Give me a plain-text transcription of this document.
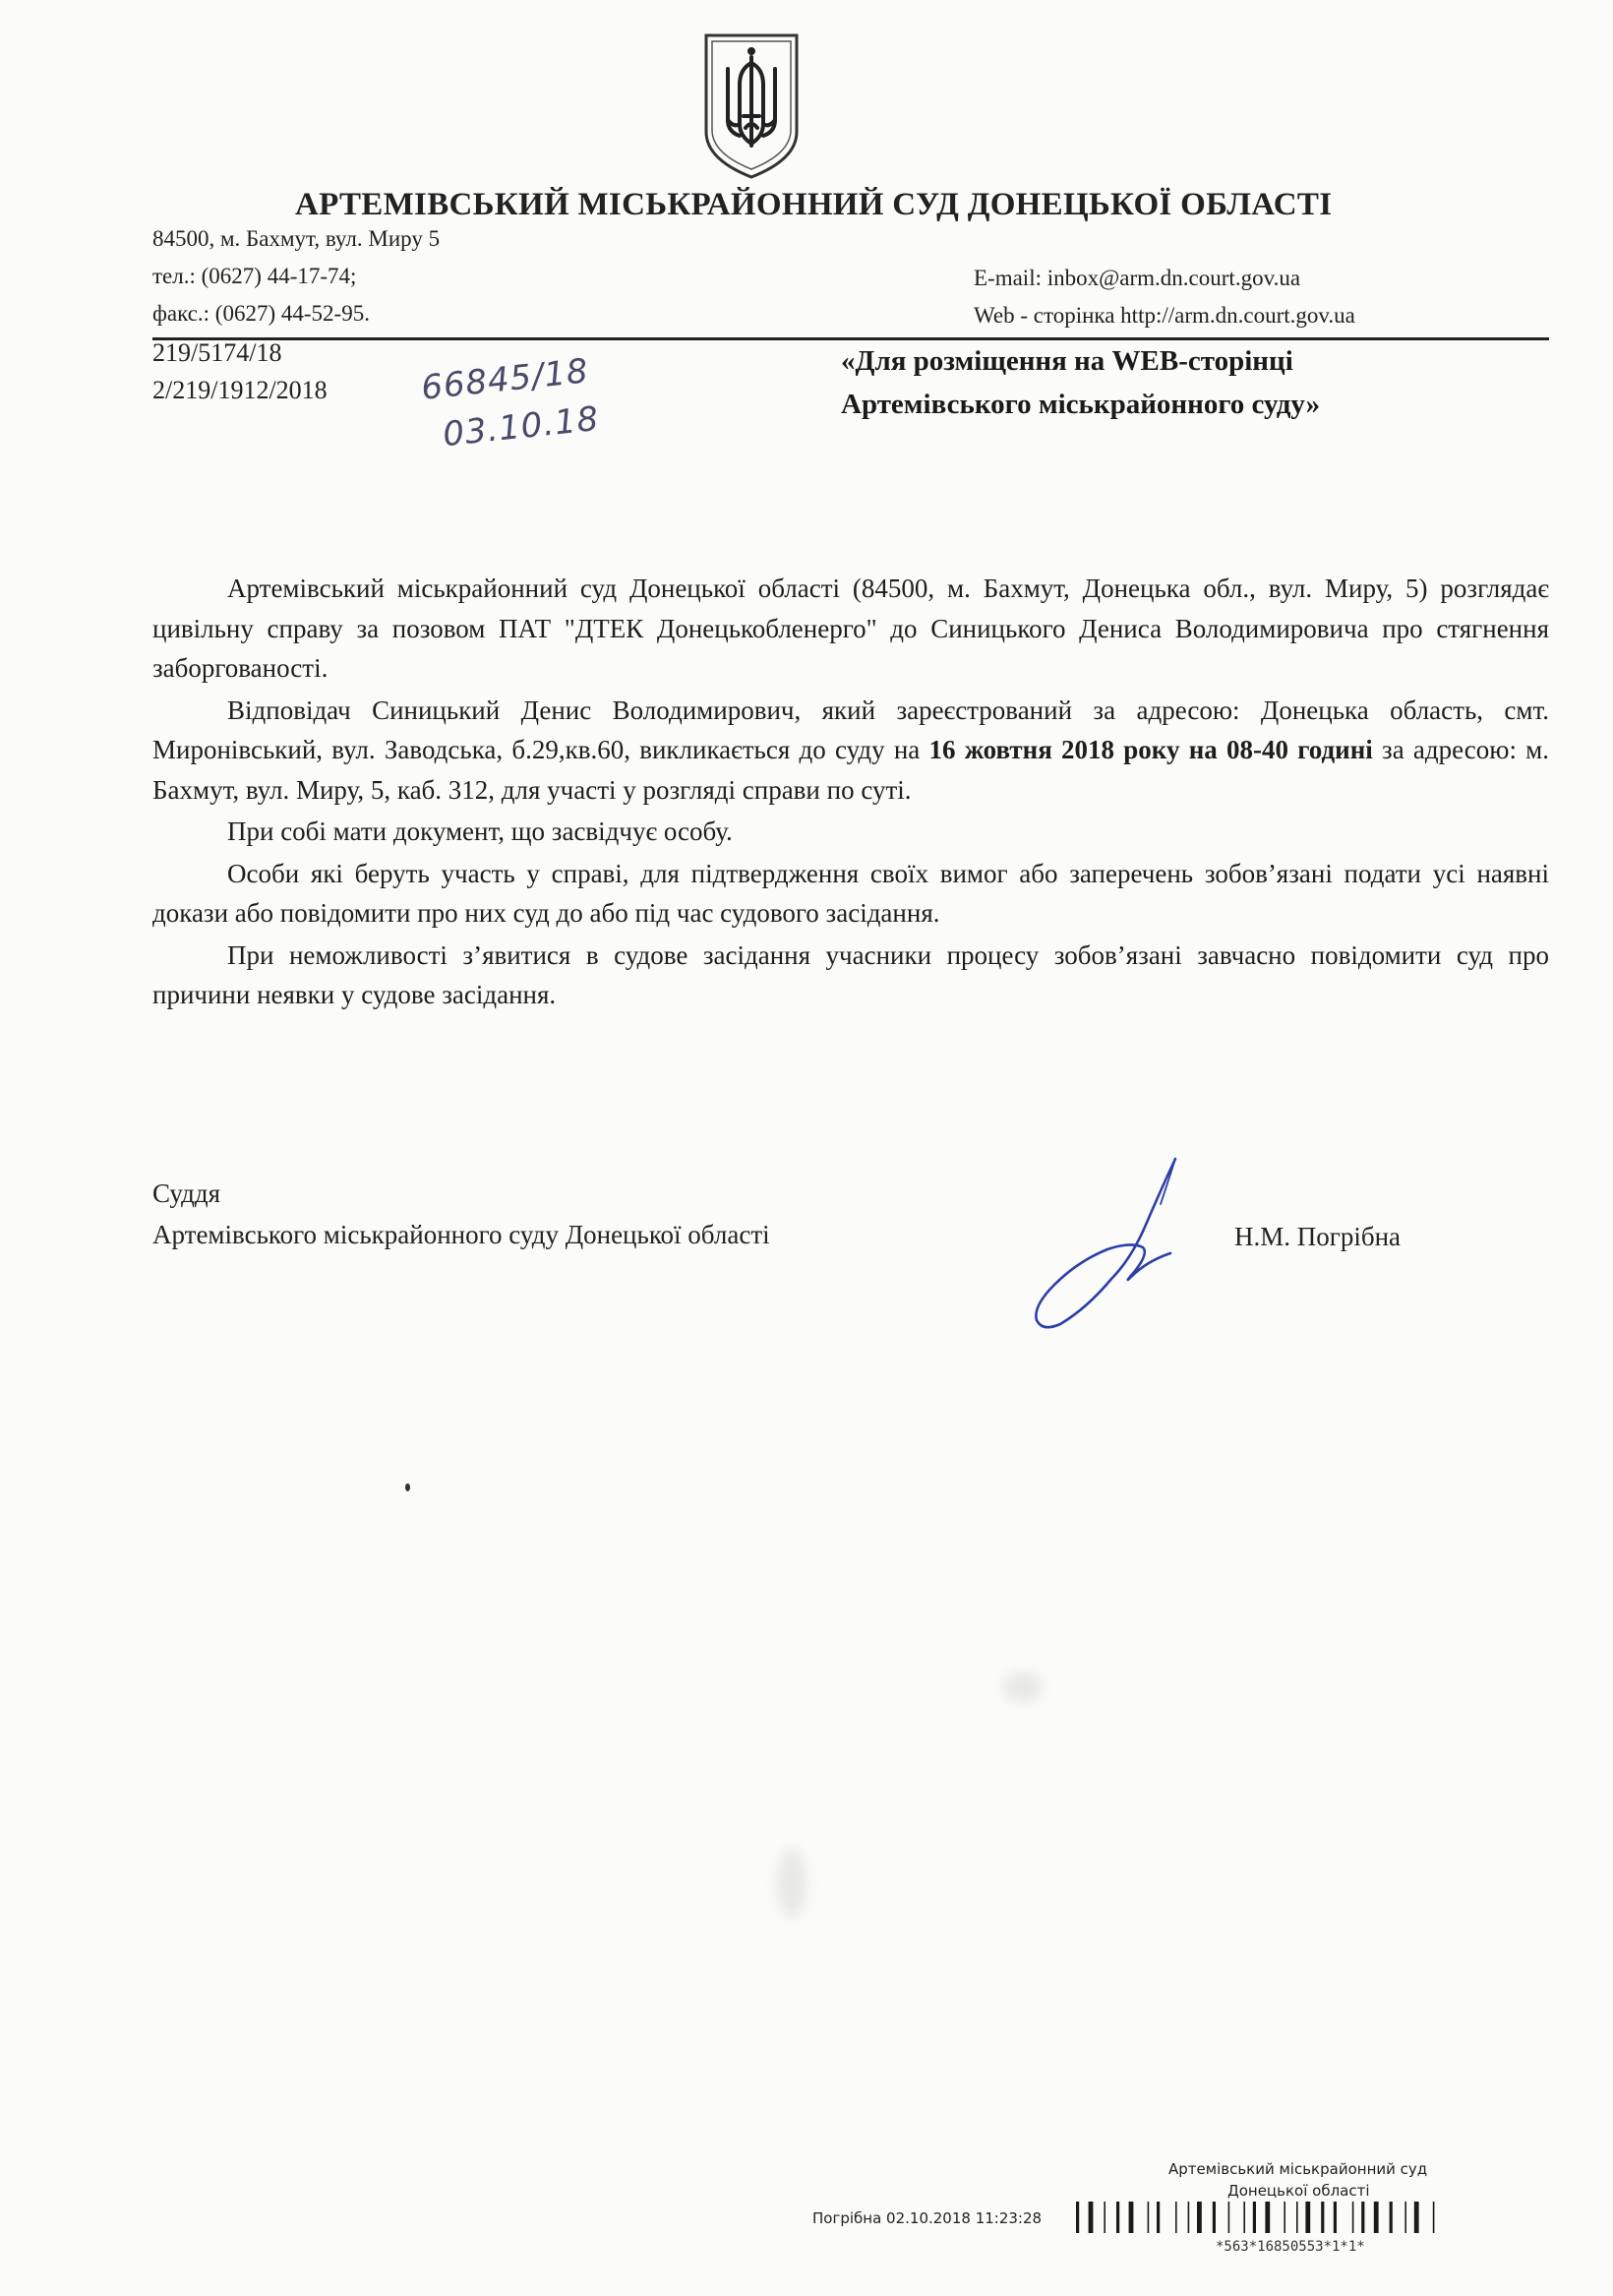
АРТЕМІВСЬКИЙ МІСЬКРАЙОННИЙ СУД ДОНЕЦЬКОЇ ОБЛАСТІ
84500, м. Бахмут, вул. Миру 5
тел.: (0627) 44-17-74;
факс.: (0627) 44-52-95.
E-mail: inbox@arm.dn.court.gov.ua
Web - сторінка http://arm.dn.court.gov.ua
219/5174/18
2/219/1912/2018	66845/18
03.10.18
«Для розміщення на WEB-сторінці
Артемівського міськрайонного суду»

Артемівський міськрайонний суд Донецької області (84500, м. Бахмут, Донецька обл., вул. Миру, 5) розглядає цивільну справу за позовом ПАТ "ДТЕК Донецькобленерго" до Синицького Дениса Володимировича про стягнення заборгованості.

Відповідач Синицький Денис Володимирович, який зареєстрований за адресою: Донецька область, смт. Миронівський, вул. Заводська, б.29,кв.60, викликається до суду на 16 жовтня 2018 року на 08-40 годині за адресою: м. Бахмут, вул. Миру, 5, каб. 312, для участі у розгляді справи по суті.

При собі мати документ, що засвідчує особу.

Особи які беруть участь у справі, для підтвердження своїх вимог або заперечень зобов’язані подати усі наявні докази або повідомити про них суд до або під час судового засідання.

При неможливості з’явитися в судове засідання учасники процесу зобов’язані завчасно повідомити суд про причини неявки у судове засідання.

Суддя
Артемівського міськрайонного суду Донецької області	Н.М. Погрібна
Артемівський міськрайонний суд
Донецької області
Погрібна 02.10.2018 11:23:28
*563*16850553*1*1*
